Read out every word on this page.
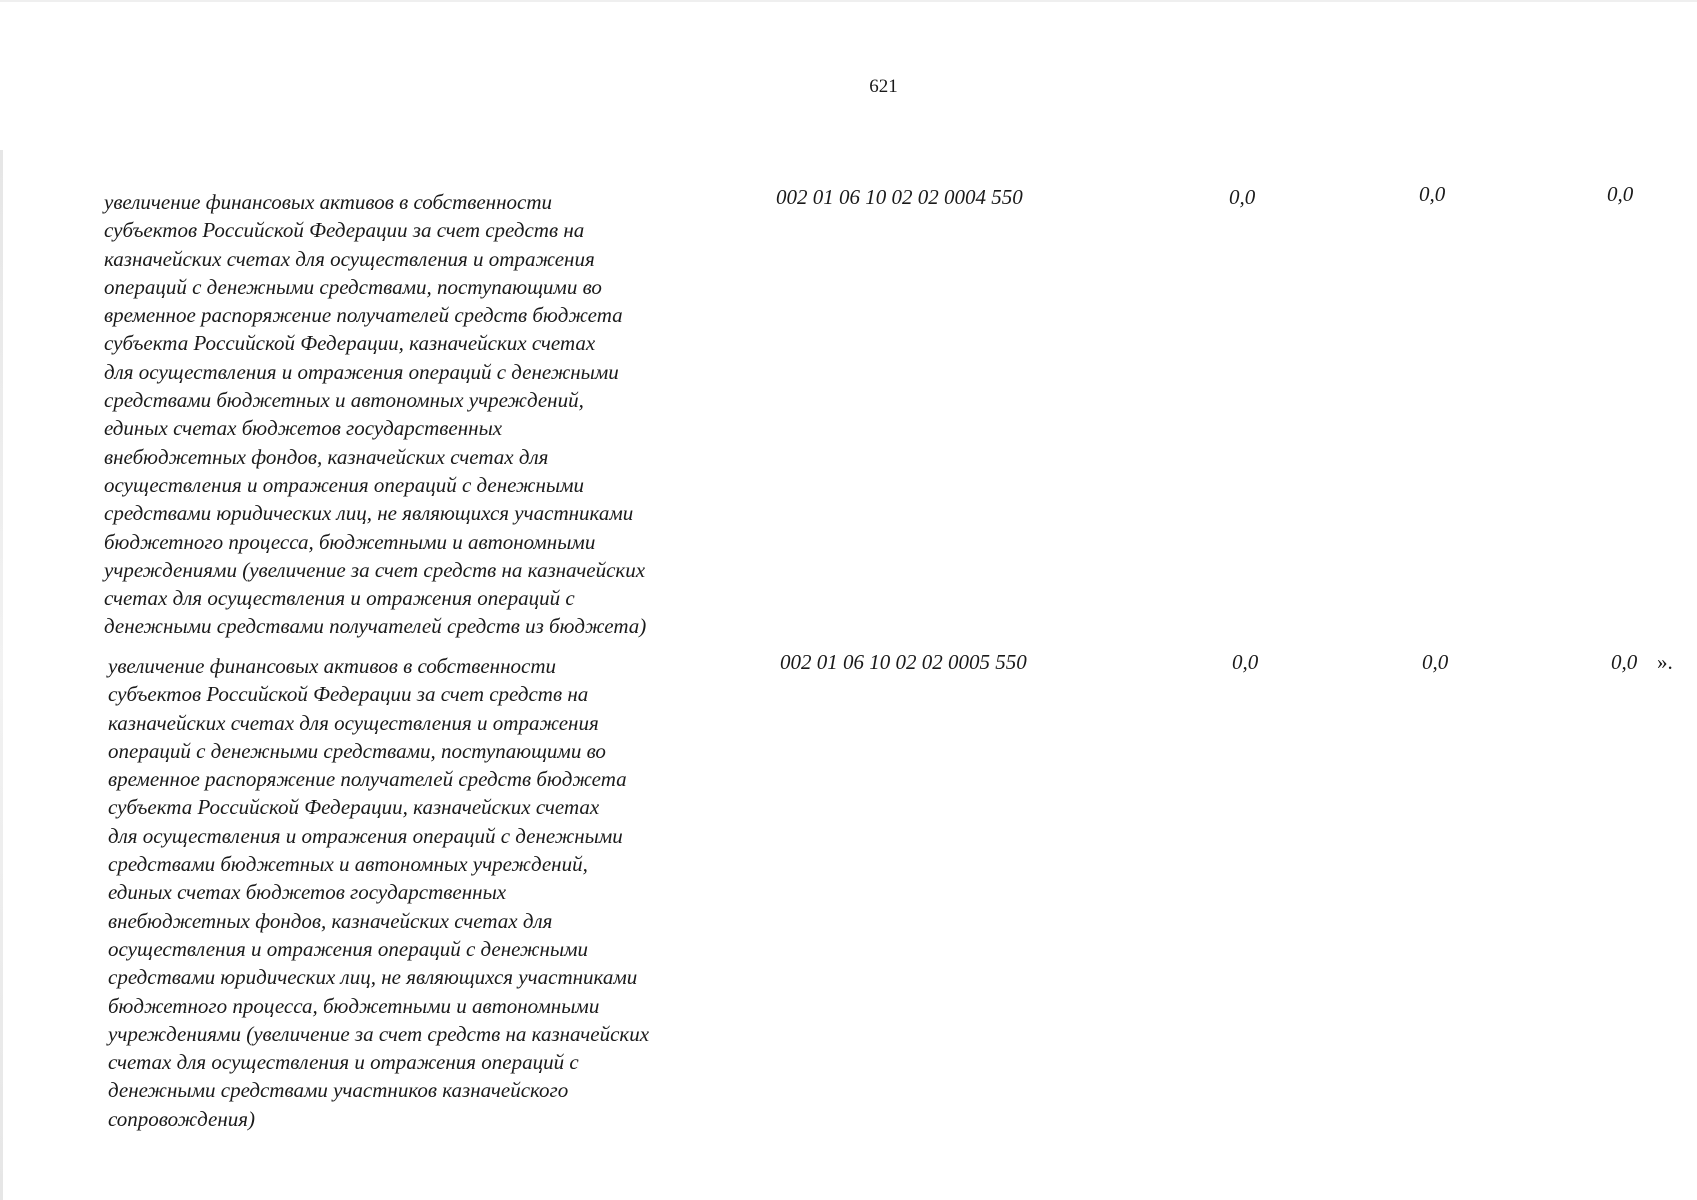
621
увеличение финансовых активов в собственности
субъектов Российской Федерации за счет средств на
казначейских счетах для осуществления и отражения
операций с денежными средствами, поступающими во
временное распоряжение получателей средств бюджета
субъекта Российской Федерации, казначейских счетах
для осуществления и отражения операций с денежными
средствами бюджетных и автономных учреждений,
единых счетах бюджетов государственных
внебюджетных фондов, казначейских счетах для
осуществления и отражения операций с денежными
средствами юридических лиц, не являющихся участниками
бюджетного процесса, бюджетными и автономными
учреждениями (увеличение за счет средств на казначейских
счетах для осуществления и отражения операций с
денежными средствами получателей средств из бюджета)
002 01 06 10 02 02 0004 550	0,0	0,0	0,0
увеличение финансовых активов в собственности
субъектов Российской Федерации за счет средств на
казначейских счетах для осуществления и отражения
операций с денежными средствами, поступающими во
временное распоряжение получателей средств бюджета
субъекта Российской Федерации, казначейских счетах
для осуществления и отражения операций с денежными
средствами бюджетных и автономных учреждений,
единых счетах бюджетов государственных
внебюджетных фондов, казначейских счетах для
осуществления и отражения операций с денежными
средствами юридических лиц, не являющихся участниками
бюджетного процесса, бюджетными и автономными
учреждениями (увеличение за счет средств на казначейских
счетах для осуществления и отражения операций с
денежными средствами участников казначейского
сопровождения)
002 01 06 10 02 02 0005 550	0,0	0,0	0,0 ».
